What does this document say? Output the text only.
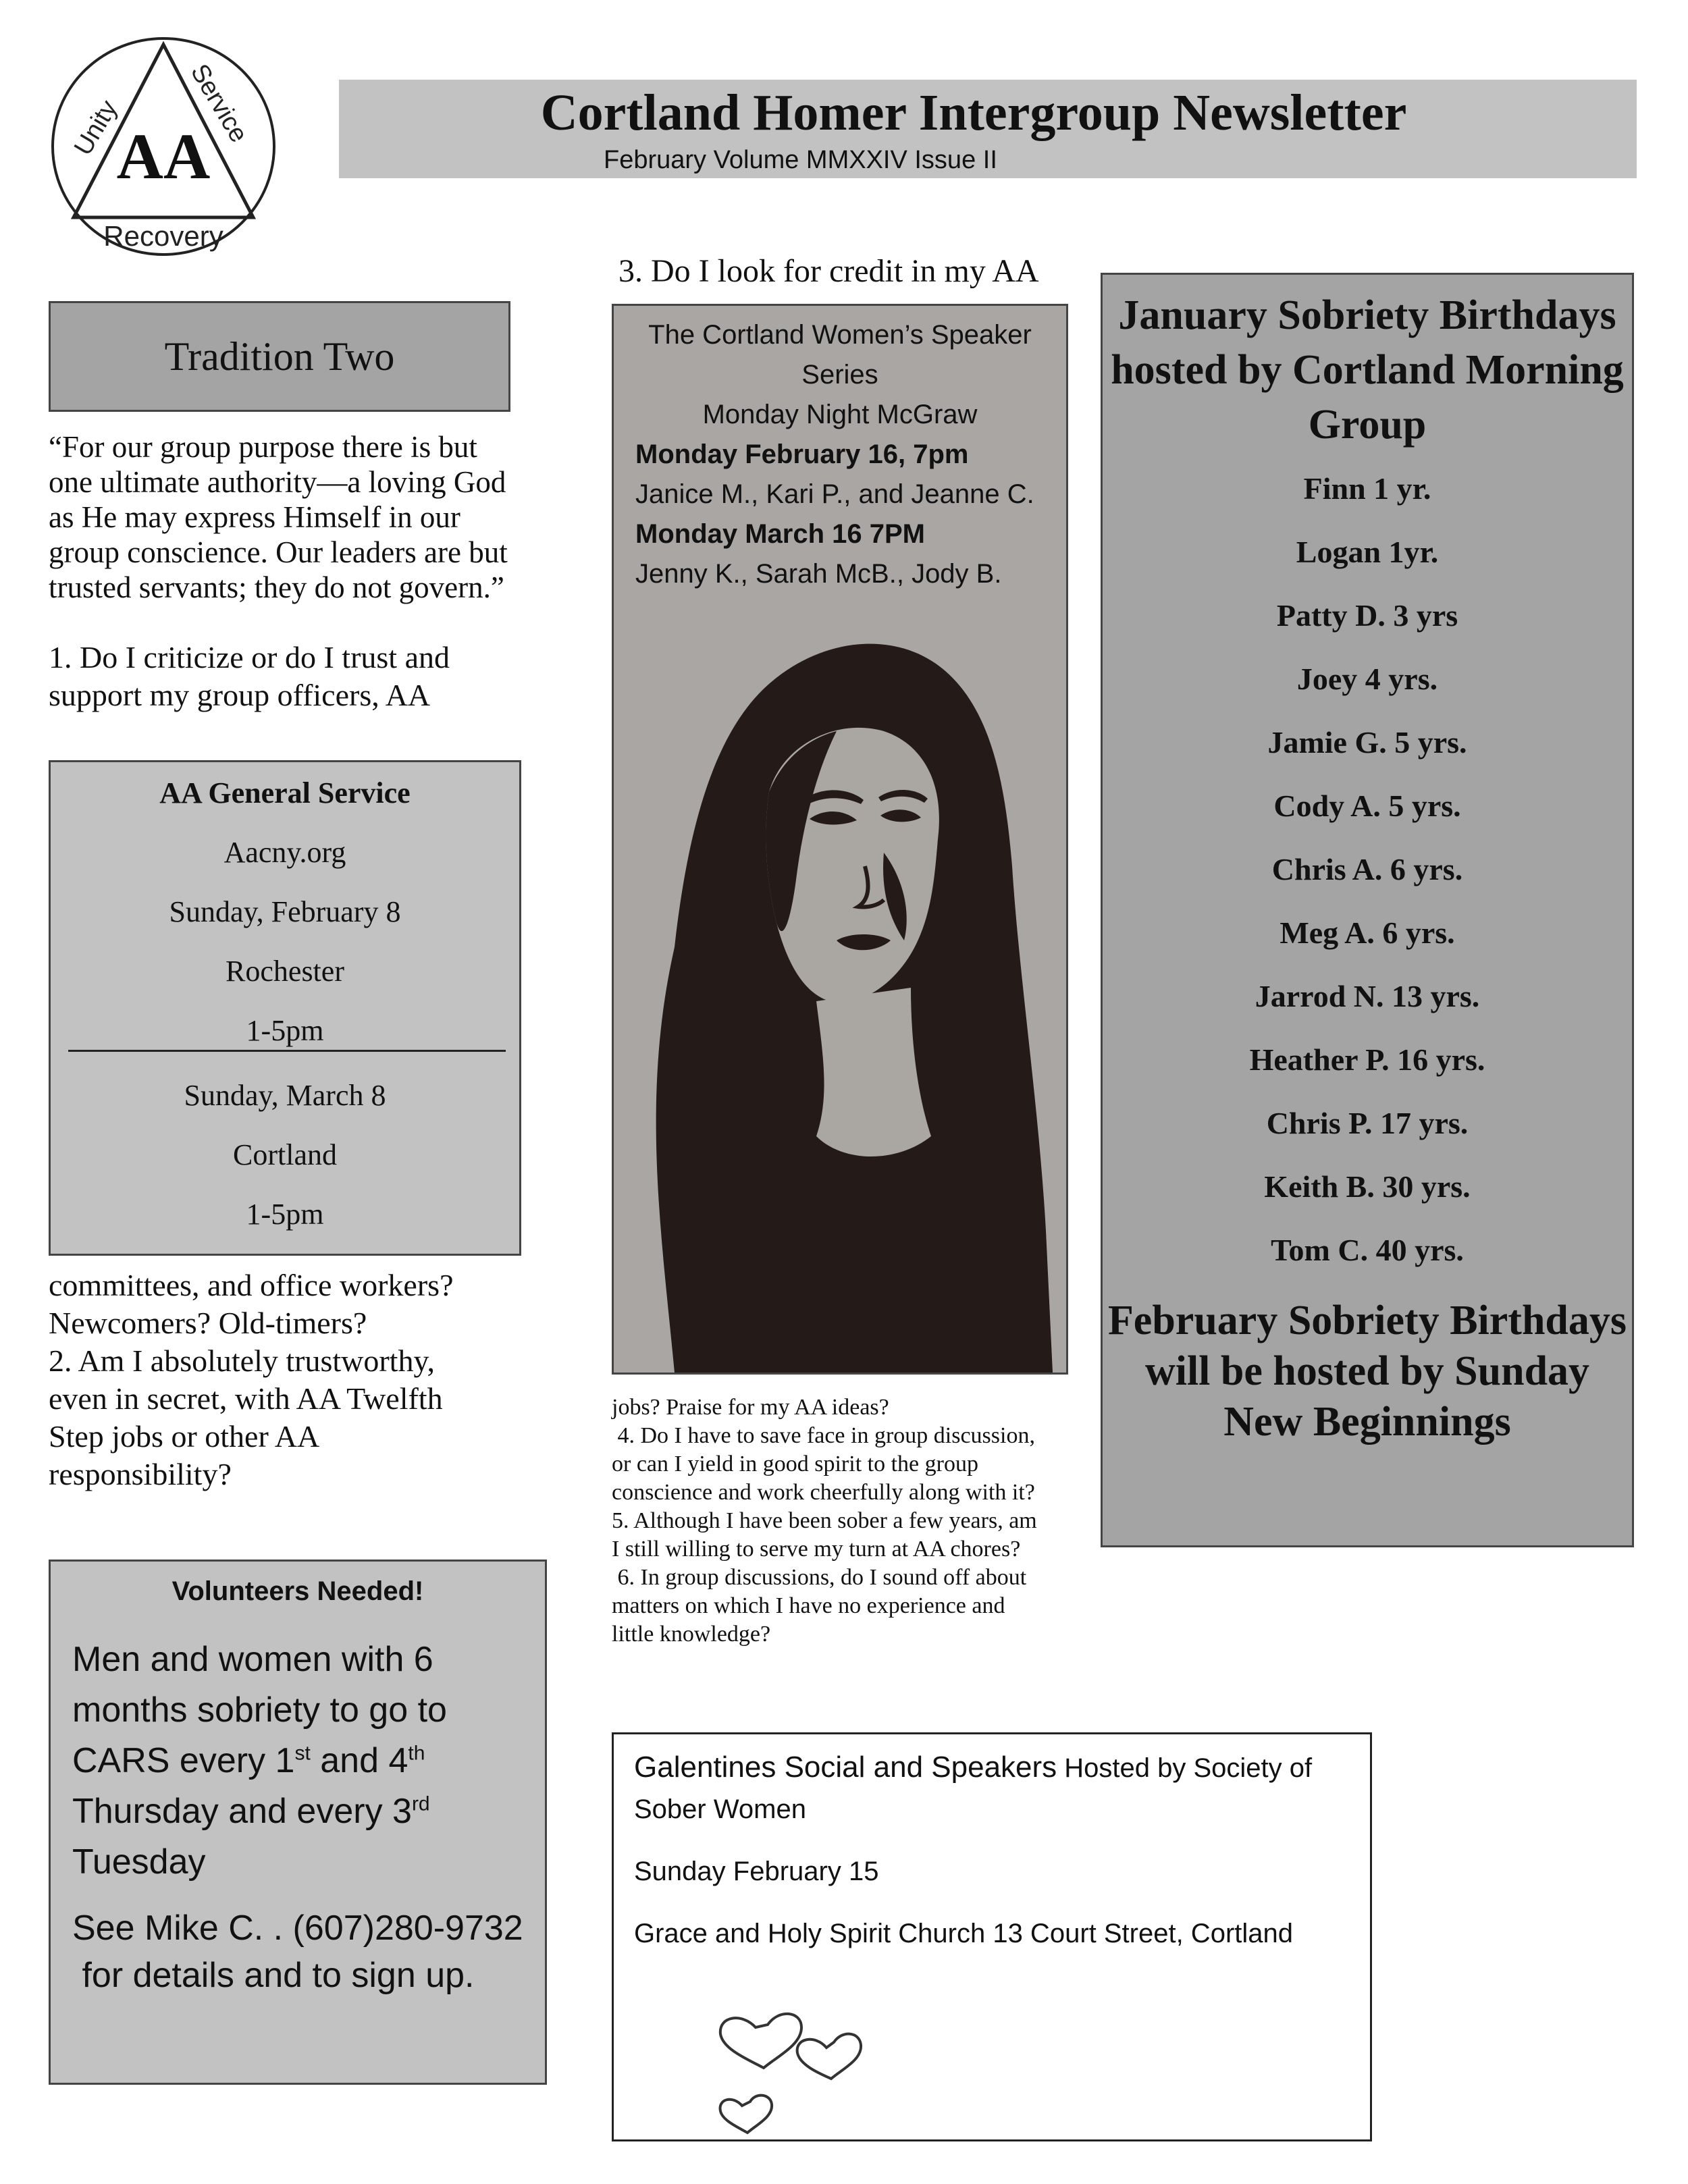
Unity
Service
Recovery
AA
Cortland Homer Intergroup Newsletter
February Volume MMXXIV Issue II
Tradition Two
“For our group purpose there is but one ultimate authority—a loving God as He may express Himself in our group conscience. Our leaders are but trusted servants; they do not govern.”
1. Do I criticize or do I trust and support my group officers, AA
AA General Service
Aacny.org
Sunday, February 8
Rochester
1-5pm
Sunday, March 8
Cortland
1-5pm
committees, and office workers?
Newcomers? Old-timers?
2. Am I absolutely trustworthy,
even in secret, with AA Twelfth
Step jobs or other AA
responsibility?
Volunteers Needed!
Men and women with 6
months sobriety to go to
CARS every 1st and 4th
Thursday and every 3rd
Tuesday
See Mike C. . (607)280-9732
for details and to sign up.
3. Do I look for credit in my AA
The Cortland Women’s Speaker
Series
Monday Night McGraw
Monday February 16, 7pm
Janice M., Kari P., and Jeanne C.
Monday March 16 7PM
Jenny K., Sarah McB., Jody B.
jobs? Praise for my AA ideas?
4. Do I have to save face in group discussion,
or can I yield in good spirit to the group
conscience and work cheerfully along with it?
5. Although I have been sober a few years, am
I still willing to serve my turn at AA chores?
6. In group discussions, do I sound off about
matters on which I have no experience and
little knowledge?
Galentines Social and Speakers Hosted by Society of
Sober Women
Sunday February 15
Grace and Holy Spirit Church 13 Court Street, Cortland
January Sobriety Birthdays hosted by Cortland Morning Group
Finn 1 yr.
Logan 1yr.
Patty D. 3 yrs
Joey 4 yrs.
Jamie G. 5 yrs.
Cody A. 5 yrs.
Chris A. 6 yrs.
Meg A. 6 yrs.
Jarrod N. 13 yrs.
Heather P. 16 yrs.
Chris P. 17 yrs.
Keith B. 30 yrs.
Tom C. 40 yrs.
February Sobriety Birthdays will be hosted by Sunday New Beginnings
